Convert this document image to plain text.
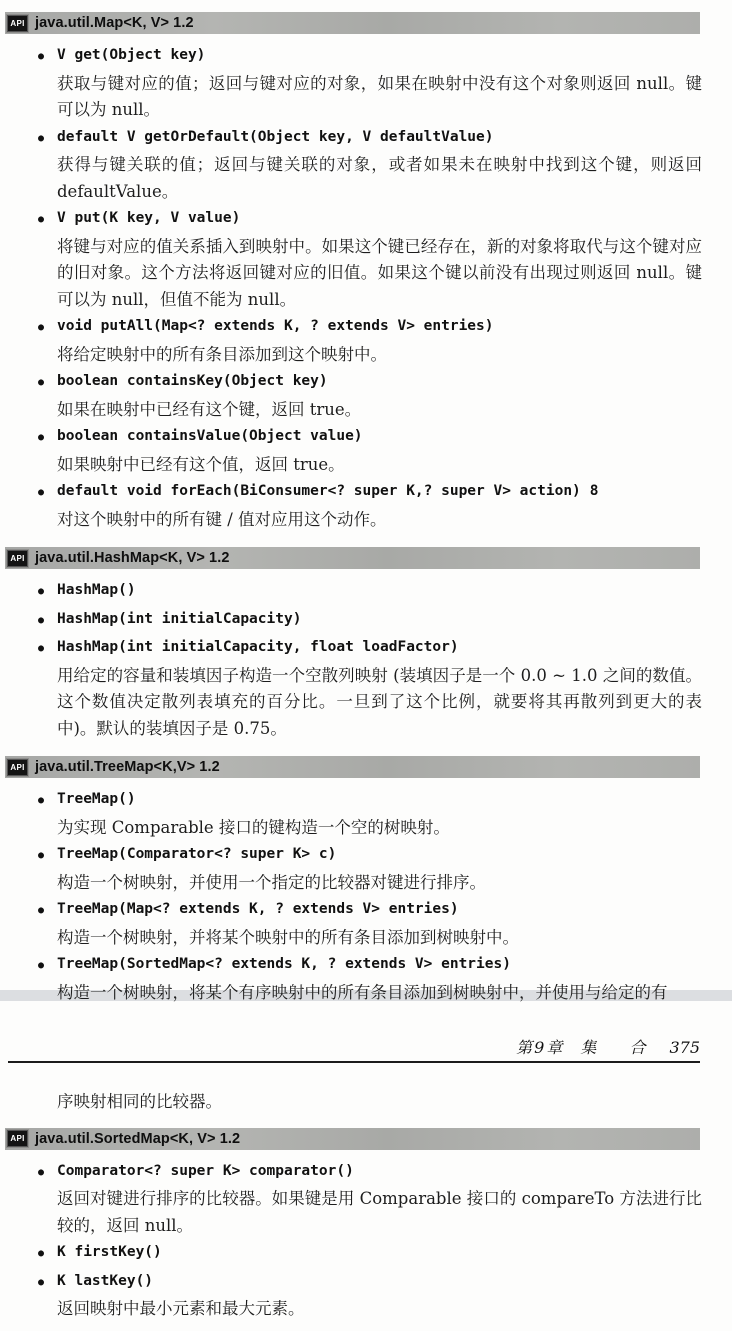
API java.util.Map<K, V> 1.2
●
V get(Object key)
获取与键对应的值；返回与键对应的对象，如果在映射中没有这个对象则返回 null。键可以为 null。
●
default V getOrDefault(Object key, V defaultValue)
获得与键关联的值；返回与键关联的对象，或者如果未在映射中找到这个键，则返回 defaultValue。
●
V put(K key, V value)
将键与对应的值关系插入到映射中。如果这个键已经存在，新的对象将取代与这个键对应的旧对象。这个方法将返回键对应的旧值。如果这个键以前没有出现过则返回 null。键可以为 null，但值不能为 null。
●
void putAll(Map<? extends K, ? extends V> entries)
将给定映射中的所有条目添加到这个映射中。
●
boolean containsKey(Object key)
如果在映射中已经有这个键，返回 true。
●
boolean containsValue(Object value)
如果映射中已经有这个值，返回 true。
●
default void forEach(BiConsumer<? super K,? super V> action) 8
对这个映射中的所有键 / 值对应用这个动作。
API java.util.HashMap<K, V> 1.2
●
HashMap()
●
HashMap(int initialCapacity)
●
HashMap(int initialCapacity, float loadFactor)
用给定的容量和装填因子构造一个空散列映射 (装填因子是一个 0.0 ~ 1.0 之间的数值。这个数值决定散列表填充的百分比。一旦到了这个比例，就要将其再散列到更大的表中)。默认的装填因子是 0.75。
API java.util.TreeMap<K,V> 1.2
●
TreeMap()
为实现 Comparable 接口的键构造一个空的树映射。
●
TreeMap(Comparator<? super K> c)
构造一个树映射，并使用一个指定的比较器对键进行排序。
●
TreeMap(Map<? extends K, ? extends V> entries)
构造一个树映射，并将某个映射中的所有条目添加到树映射中。
●
TreeMap(SortedMap<? extends K, ? extends V> entries)
构造一个树映射，将某个有序映射中的所有条目添加到树映射中，并使用与给定的有
第9章 集 合 375

序映射相同的比较器。

API java.util.SortedMap<K, V> 1.2
●
Comparator<? super K> comparator()
返回对键进行排序的比较器。如果键是用 Comparable 接口的 compareTo 方法进行比较的，返回 null。
●
K firstKey()
●
K lastKey()
返回映射中最小元素和最大元素。
